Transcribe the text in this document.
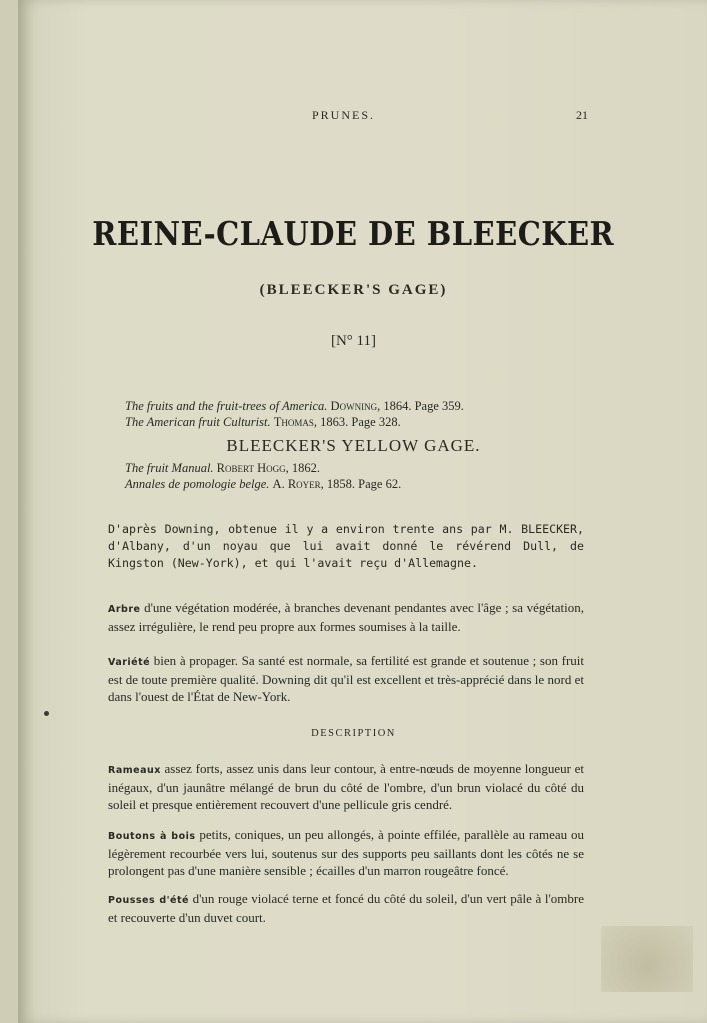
PRUNES.	21
REINE-CLAUDE DE BLEECKER
(BLEECKER'S GAGE)
[N° 11]
The fruits and the fruit-trees of America. Downing, 1864. Page 359.
The American fruit Culturist. Thomas, 1863. Page 328.
BLEECKER'S YELLOW GAGE.
The fruit Manual. Robert Hogg, 1862.
Annales de pomologie belge. A. Royer, 1858. Page 62.
D'après Downing, obtenue il y a environ trente ans par M. BLEECKER, d'Albany, d'un noyau que lui avait donné le révérend Dull, de Kingston (New-York), et qui l'avait reçu d'Allemagne.
Arbre d'une végétation modérée, à branches devenant pendantes avec l'âge ; sa végétation, assez irrégulière, le rend peu propre aux formes soumises à la taille.
Variété bien à propager. Sa santé est normale, sa fertilité est grande et soutenue ; son fruit est de toute première qualité. Downing dit qu'il est excellent et très-apprécié dans le nord et dans l'ouest de l'État de New-York.
DESCRIPTION
Rameaux assez forts, assez unis dans leur contour, à entre-nœuds de moyenne longueur et inégaux, d'un jaunâtre mélangé de brun du côté de l'ombre, d'un brun violacé du côté du soleil et presque entièrement recouvert d'une pellicule gris cendré.
Boutons à bois petits, coniques, un peu allongés, à pointe effilée, parallèle au rameau ou légèrement recourbée vers lui, soutenus sur des supports peu saillants dont les côtés ne se prolongent pas d'une manière sensible ; écailles d'un marron rougeâtre foncé.
Pousses d'été d'un rouge violacé terne et foncé du côté du soleil, d'un vert pâle à l'ombre et recouverte d'un duvet court.
